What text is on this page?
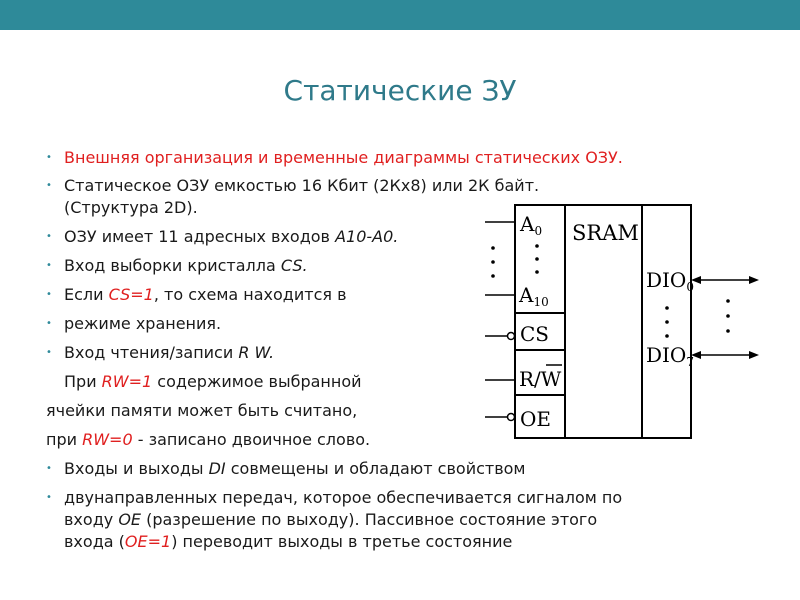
Статические ЗУ
• Внешняя организация и временные диаграммы статических ОЗУ.
• Статическое ОЗУ емкостью 16 Кбит (2Кх8) или 2К байт.
(Структура 2D).
• ОЗУ имеет 11 адресных входов А10-А0.
• Вход выборки кристалла CS.
• Если CS=1, то схема находится в
• режиме хранения.
• Вход чтения/записи R W.
При RW=1 содержимое выбранной
ячейки памяти может быть считано,
при RW=0 - записано двоичное слово.
• Входы и выходы DI совмещены и обладают свойством
• двунаправленных передач, которое обеспечивается сигналом по
входу OE (разрешение по выходу). Пассивное состояние этого
входа (OE=1) переводит выходы в третье состояние
$A_0$
$A_{10}$
CS
R/W
OE
SRAM
$DIO_0$
$DIO_7$
